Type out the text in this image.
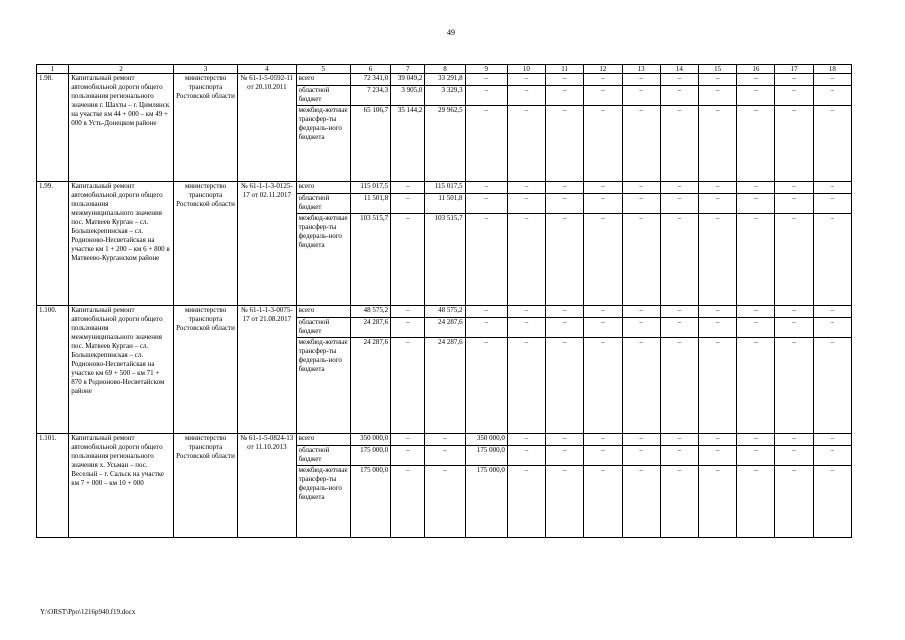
49
1	2	3	4	5	6	7	8	9	10	11	12	13	14	15	16	17	18
1.98.	Капитальный ремонт автомобильной дороги общего пользования регионального значения г. Шахты – г. Цимлянск на участке км 44 + 000 – км 49 + 000 в Усть-Донецком районе	министерство транспорта Ростовской области	№ 61-1-5-0592-11 от 20.10.2011	всего	72 341,0	39 049,2	33 291,8	–	–	–	–	–	–	–	–	–	–
				областной бюджет	7 234,3	3 905,0	3 329,3	–	–	–	–	–	–	–	–	–	–
				межбюд-жетные трансфер-ты федераль-ного бюджета	65 106,7	35 144,2	29 962,5	–	–	–	–	–	–	–	–	–	–
1.99.	Капитальный ремонт автомобильной дороги общего пользования межмуниципального значения пос. Матвеев Курган – сл. Большекрепинская – сл. Родионово-Несветайская на участке км 1 + 200 – км 6 + 800 в Матвеево-Курганском районе	министерство транспорта Ростовской области	№ 61-1-1-3-0125-17 от 02.11.2017	всего	115 017,5	–	115 017,5	–	–	–	–	–	–	–	–	–	–
				областной бюджет	11 501,8	–	11 501,8	–	–	–	–	–	–	–	–	–	–
				межбюд-жетные трансфер-ты федераль-ного бюджета	103 515,7	–	103 515,7	–	–	–	–	–	–	–	–	–	–
1.100.	Капитальный ремонт автомобильной дороги общего пользования межмуниципального значения пос. Матвеев Курган – сл. Большекрепинская – сл. Родионово-Несветайская на участке км 69 + 500 – км 71 + 870 в Родионово-Несветайском районе	министерство транспорта Ростовской области	№ 61-1-1-3-0075-17 от 21.08.2017	всего	48 575,2	–	48 575,2	–	–	–	–	–	–	–	–	–	–
				областной бюджет	24 287,6	–	24 287,6	–	–	–	–	–	–	–	–	–	–
				межбюд-жетные трансфер-ты федераль-ного бюджета	24 287,6	–	24 287,6	–	–	–	–	–	–	–	–	–	–
1.101.	Капитальный ремонт автомобильной дороги общего пользования регионального значения х. Усьман – пос. Веселый – г. Сальск на участке км 7 + 000 – км 10 + 000	министерство транспорта Ростовской области	№ 61-1-5-0824-13 от 11.10.2013	всего	350 000,0	–	–	350 000,0	–	–	–	–	–	–	–	–	–
				областной бюджет	175 000,0	–	–	175 000,0	–	–	–	–	–	–	–	–	–
				межбюд-жетные трансфер-ты федераль-ного бюджета	175 000,0	–	–	175 000,0	–	–	–	–	–	–	–	–	–
Y:\ORST\Ppo\1216p940.f19.docx
